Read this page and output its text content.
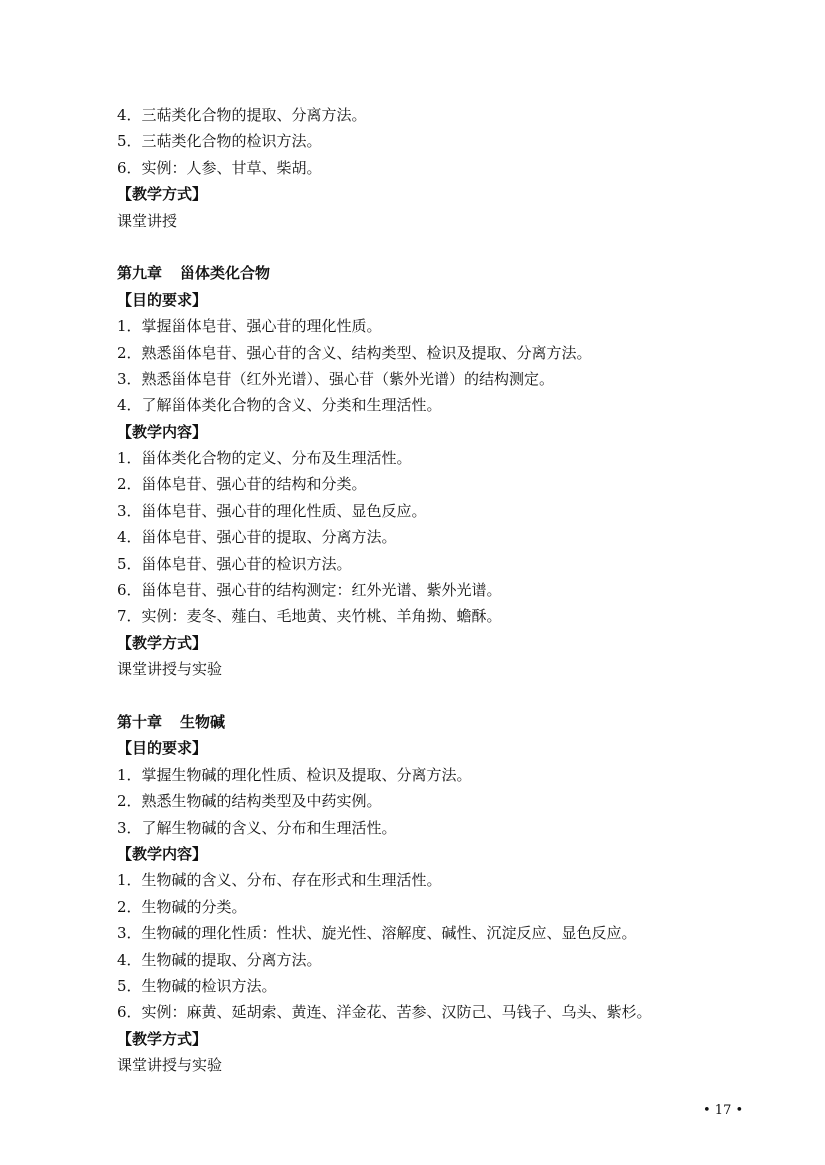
4．三萜类化合物的提取、分离方法。
5．三萜类化合物的检识方法。
6．实例：人参、甘草、柴胡。
【教学方式】
课堂讲授
第九章 甾体类化合物
【目的要求】
1．掌握甾体皂苷、强心苷的理化性质。
2．熟悉甾体皂苷、强心苷的含义、结构类型、检识及提取、分离方法。
3．熟悉甾体皂苷（红外光谱）、强心苷（紫外光谱）的结构测定。
4．了解甾体类化合物的含义、分类和生理活性。
【教学内容】
1．甾体类化合物的定义、分布及生理活性。
2．甾体皂苷、强心苷的结构和分类。
3．甾体皂苷、强心苷的理化性质、显色反应。
4．甾体皂苷、强心苷的提取、分离方法。
5．甾体皂苷、强心苷的检识方法。
6．甾体皂苷、强心苷的结构测定：红外光谱、紫外光谱。
7．实例：麦冬、薤白、毛地黄、夹竹桃、羊角拗、蟾酥。
【教学方式】
课堂讲授与实验
第十章 生物碱
【目的要求】
1．掌握生物碱的理化性质、检识及提取、分离方法。
2．熟悉生物碱的结构类型及中药实例。
3．了解生物碱的含义、分布和生理活性。
【教学内容】
1．生物碱的含义、分布、存在形式和生理活性。
2．生物碱的分类。
3．生物碱的理化性质：性状、旋光性、溶解度、碱性、沉淀反应、显色反应。
4．生物碱的提取、分离方法。
5．生物碱的检识方法。
6．实例：麻黄、延胡索、黄连、洋金花、苦参、汉防己、马钱子、乌头、紫杉。
【教学方式】
课堂讲授与实验
• 17 •
